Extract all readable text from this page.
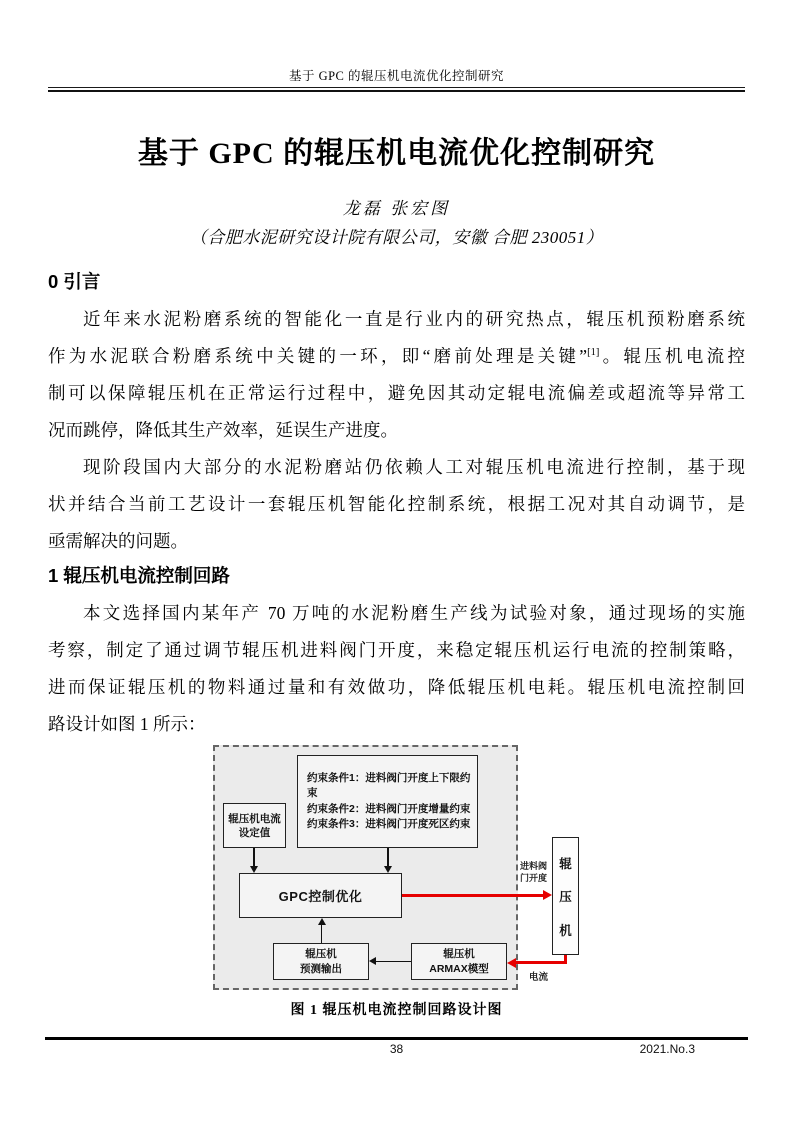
基于 GPC 的辊压机电流优化控制研究
基于 GPC 的辊压机电流优化控制研究
龙磊 张宏图
（合肥水泥研究设计院有限公司，安徽 合肥 230051）
0 引言
近年来水泥粉磨系统的智能化一直是行业内的研究热点，辊压机预粉磨系统
作为水泥联合粉磨系统中关键的一环，即“磨前处理是关键”[1]。辊压机电流控
制可以保障辊压机在正常运行过程中，避免因其动定辊电流偏差或超流等异常工
况而跳停，降低其生产效率，延误生产进度。
现阶段国内大部分的水泥粉磨站仍依赖人工对辊压机电流进行控制，基于现
状并结合当前工艺设计一套辊压机智能化控制系统，根据工况对其自动调节，是
亟需解决的问题。
1 辊压机电流控制回路
本文选择国内某年产 70 万吨的水泥粉磨生产线为试验对象，通过现场的实施
考察，制定了通过调节辊压机进料阀门开度，来稳定辊压机运行电流的控制策略，
进而保证辊压机的物料通过量和有效做功，降低辊压机电耗。辊压机电流控制回
路设计如图 1 所示：
辊压机电流
设定值
约束条件1：进料阀门开度上下限约束
约束条件2：进料阀门开度增量约束
约束条件3：进料阀门开度死区约束
GPC控制优化
辊压机
预测输出
辊压机
ARMAX模型
辊
压
机
进料阀
门开度
电流
图 1 辊压机电流控制回路设计图
38	2021.No.3
